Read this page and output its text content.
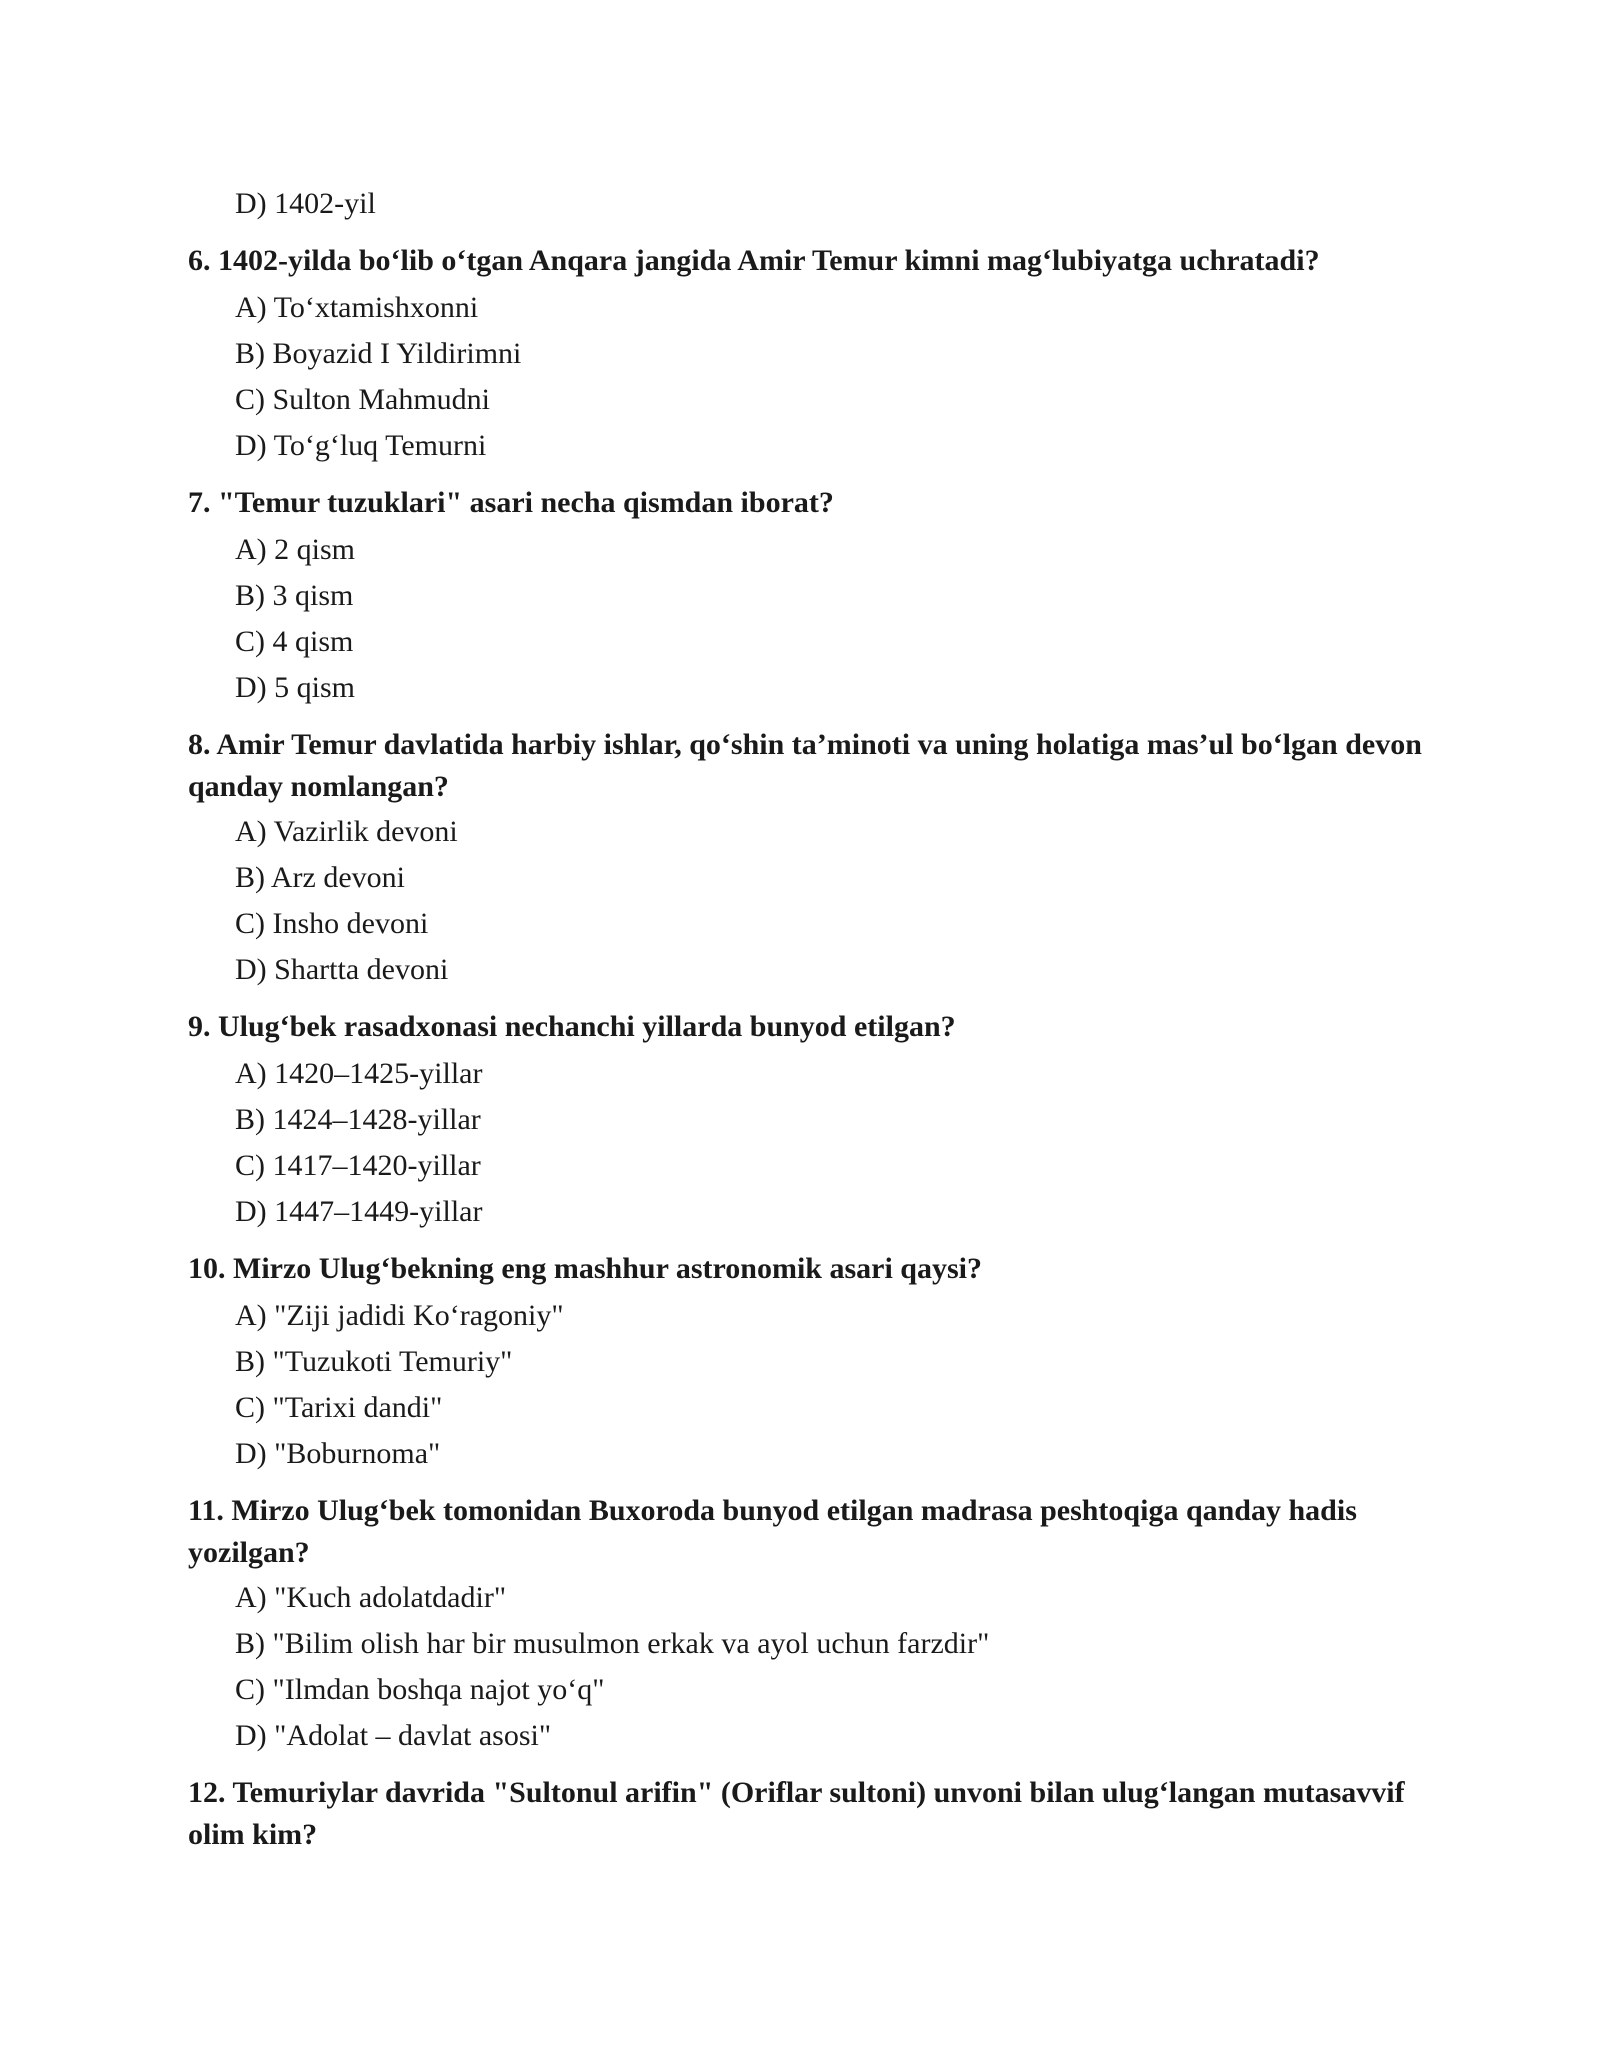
D) 1402-yil
6. 1402-yilda bo‘lib o‘tgan Anqara jangida Amir Temur kimni mag‘lubiyatga uchratadi?
A) To‘xtamishxonni
B) Boyazid I Yildirimni
C) Sulton Mahmudni
D) To‘g‘luq Temurni
7. "Temur tuzuklari" asari necha qismdan iborat?
A) 2 qism
B) 3 qism
C) 4 qism
D) 5 qism
8. Amir Temur davlatida harbiy ishlar, qo‘shin ta’minoti va uning holatiga mas’ul bo‘lgan devon qanday nomlangan?
A) Vazirlik devoni
B) Arz devoni
C) Insho devoni
D) Shartta devoni
9. Ulug‘bek rasadxonasi nechanchi yillarda bunyod etilgan?
A) 1420–1425-yillar
B) 1424–1428-yillar
C) 1417–1420-yillar
D) 1447–1449-yillar
10. Mirzo Ulug‘bekning eng mashhur astronomik asari qaysi?
A) "Ziji jadidi Ko‘ragoniy"
B) "Tuzukoti Temuriy"
C) "Tarixi dandi"
D) "Boburnoma"
11. Mirzo Ulug‘bek tomonidan Buxoroda bunyod etilgan madrasa peshtoqiga qanday hadis yozilgan?
A) "Kuch adolatdadir"
B) "Bilim olish har bir musulmon erkak va ayol uchun farzdir"
C) "Ilmdan boshqa najot yo‘q"
D) "Adolat – davlat asosi"
12. Temuriylar davrida "Sultonul arifin" (Oriflar sultoni) unvoni bilan ulug‘langan mutasavvif olim kim?
